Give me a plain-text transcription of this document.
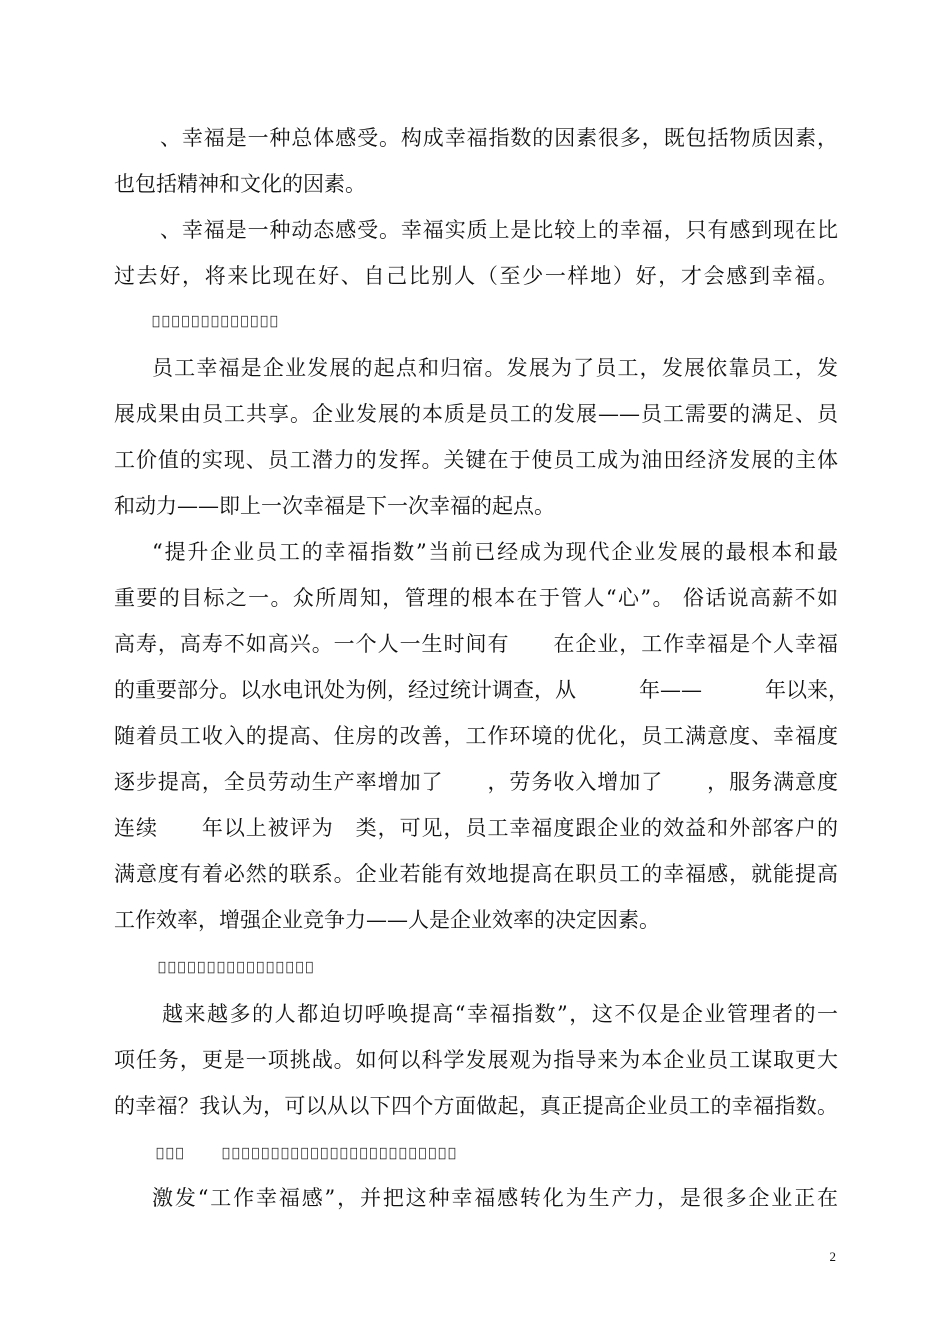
、幸福是一种总体感受。构成幸福指数的因素很多，既包括物质因素，
也包括精神和文化的因素。
、幸福是一种动态感受。幸福实质上是比较上的幸福，只有感到现在比
过去好，将来比现在好、自己比别人（至少一样地）好，才会感到幸福。
             
员工幸福是企业发展的起点和归宿。发展为了员工，发展依靠员工，发
展成果由员工共享。企业发展的本质是员工的发展——员工需要的满足、员
工价值的实现、员工潜力的发挥。关键在于使员工成为油田经济发展的主体
和动力——即上一次幸福是下一次幸福的起点。
“提升企业员工的幸福指数”当前已经成为现代企业发展的最根本和最
重要的目标之一。众所周知，管理的根本在于管人“心”。 俗话说高薪不如
高寿，高寿不如高兴。一个人一生时间有　　在企业，工作幸福是个人幸福
的重要部分。以水电讯处为例，经过统计调查，从　　　年——　　　年以来，
随着员工收入的提高、住房的改善，工作环境的优化，员工满意度、幸福度
逐步提高，全员劳动生产率增加了　　，劳务收入增加了　　，服务满意度
连续　　年以上被评为　类，可见，员工幸福度跟企业的效益和外部客户的
满意度有着必然的联系。企业若能有效地提高在职员工的幸福感，就能提高
工作效率，增强企业竞争力——人是企业效率的决定因素。
                
越来越多的人都迫切呼唤提高“幸福指数”，这不仅是企业管理者的一
项任务，更是一项挑战。如何以科学发展观为指导来为本企业员工谋取更大
的幸福？我认为，可以从以下四个方面做起，真正提高企业员工的幸福指数。
   	                        
激发“工作幸福感”，并把这种幸福感转化为生产力，是很多企业正在
2
